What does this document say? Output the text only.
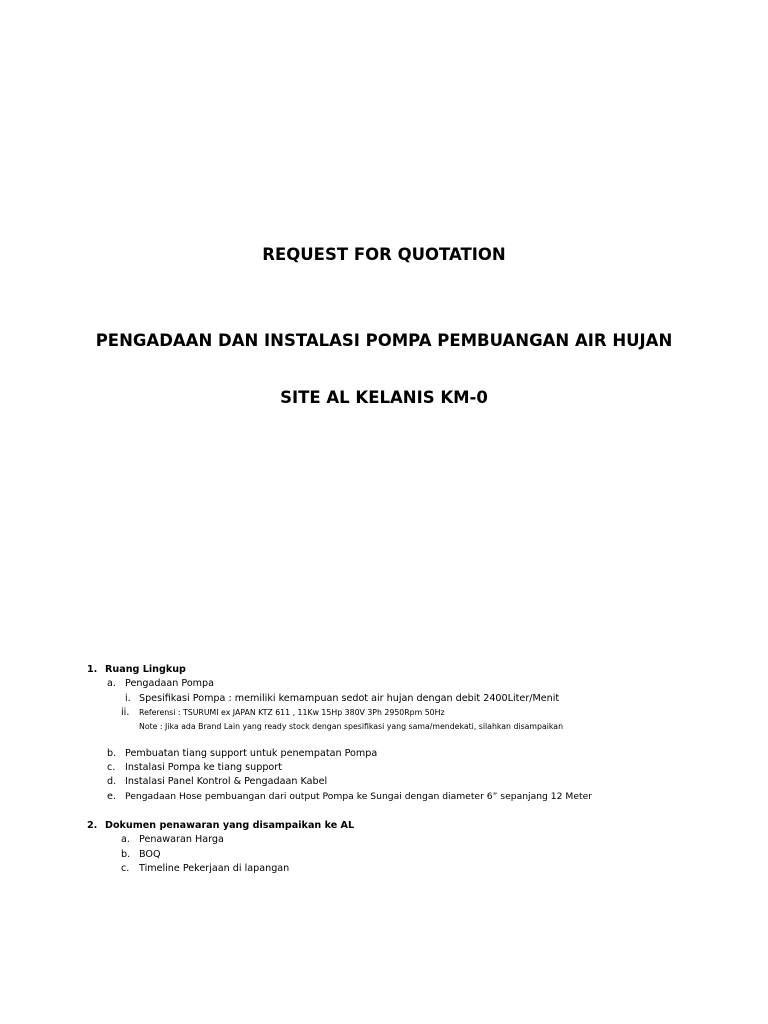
REQUEST FOR QUOTATION
PENGADAAN DAN INSTALASI POMPA PEMBUANGAN AIR HUJAN
SITE AL KELANIS KM-0
1. Ruang Lingkup
a. Pengadaan Pompa
i. Spesifikasi Pompa : memiliki kemampuan sedot air hujan dengan debit 2400Liter/Menit
ii. Referensi : TSURUMI ex JAPAN KTZ 611 , 11Kw 15Hp 380V 3Ph 2950Rpm 50Hz
Note : Jika ada Brand Lain yang ready stock dengan spesifikasi yang sama/mendekati, silahkan disampaikan
b. Pembuatan tiang support untuk penempatan Pompa
c. Instalasi Pompa ke tiang support
d. Instalasi Panel Kontrol & Pengadaan Kabel
e. Pengadaan Hose pembuangan dari output Pompa ke Sungai dengan diameter 6” sepanjang 12 Meter
2. Dokumen penawaran yang disampaikan ke AL
a. Penawaran Harga
b. BOQ
c. Timeline Pekerjaan di lapangan
